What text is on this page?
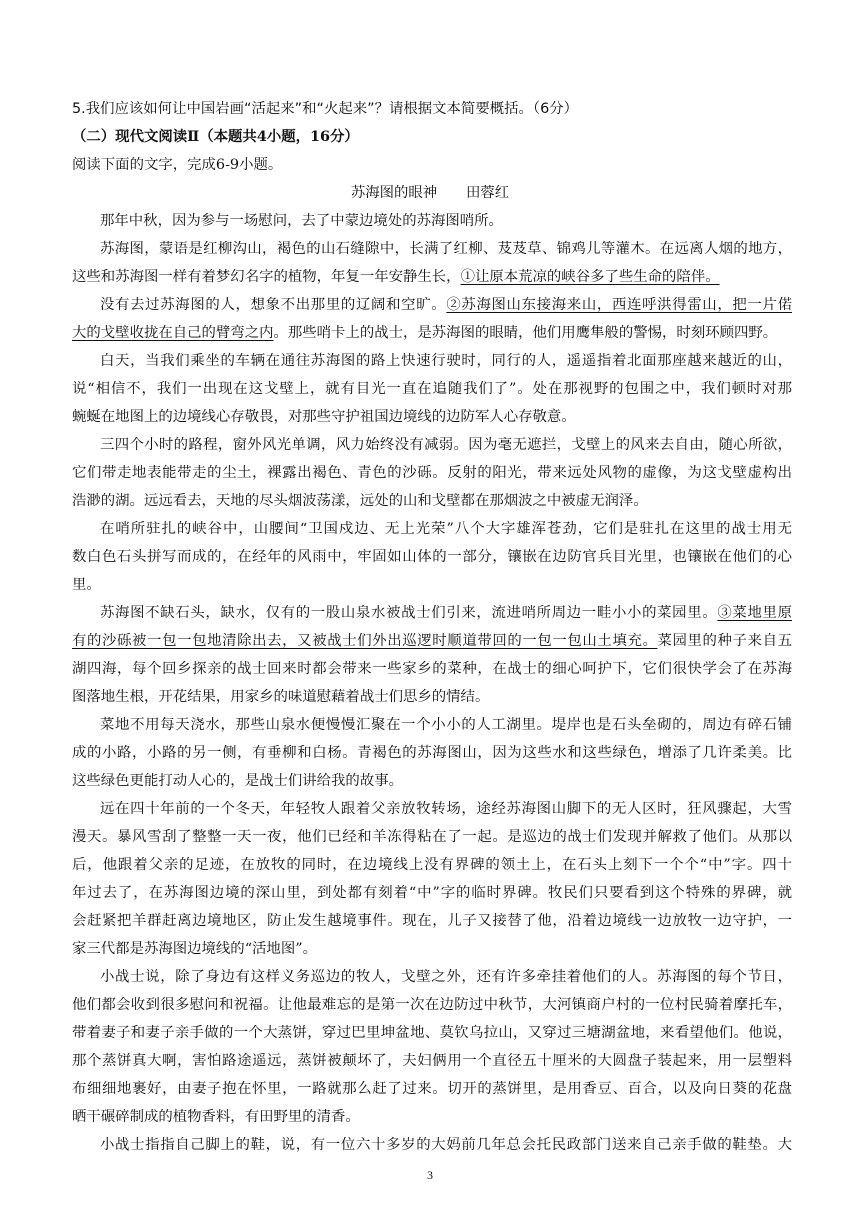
5.我们应该如何让中国岩画“活起来”和“火起来”？请根据文本简要概括。（6分）
（二）现代文阅读Ⅱ（本题共4小题，16分）
阅读下面的文字，完成6-9小题。
苏海图的眼神　　田蓉红
那年中秋，因为参与一场慰问，去了中蒙边境处的苏海图哨所。
苏海图，蒙语是红柳沟山，褐色的山石缝隙中，长满了红柳、芨芨草、锦鸡儿等灌木。在远离人烟的地方，
这些和苏海图一样有着梦幻名字的植物，年复一年安静生长，①让原本荒凉的峡谷多了些生命的陪伴。
没有去过苏海图的人，想象不出那里的辽阔和空旷。②苏海图山东接海来山，西连呼洪得雷山，把一片偌
大的戈壁收拢在自己的臂弯之内。那些哨卡上的战士，是苏海图的眼睛，他们用鹰隼般的警惕，时刻环顾四野。
白天，当我们乘坐的车辆在通往苏海图的路上快速行驶时，同行的人，遥遥指着北面那座越来越近的山，
说“相信不，我们一出现在这戈壁上，就有目光一直在追随我们了”。处在那视野的包围之中，我们顿时对那
蜿蜒在地图上的边境线心存敬畏，对那些守护祖国边境线的边防军人心存敬意。
三四个小时的路程，窗外风光单调，风力始终没有减弱。因为毫无遮拦，戈壁上的风来去自由，随心所欲，
它们带走地表能带走的尘土，裸露出褐色、青色的沙砾。反射的阳光，带来远处风物的虚像，为这戈壁虚构出
浩渺的湖。远远看去，天地的尽头烟波荡漾，远处的山和戈壁都在那烟波之中被虚无润泽。
在哨所驻扎的峡谷中，山腰间“卫国戍边、无上光荣”八个大字雄浑苍劲，它们是驻扎在这里的战士用无
数白色石头拼写而成的，在经年的风雨中，牢固如山体的一部分，镶嵌在边防官兵目光里，也镶嵌在他们的心
里。
苏海图不缺石头，缺水，仅有的一股山泉水被战士们引来，流进哨所周边一畦小小的菜园里。③菜地里原
有的沙砾被一包一包地清除出去，又被战士们外出巡逻时顺道带回的一包一包山土填充。菜园里的种子来自五
湖四海，每个回乡探亲的战士回来时都会带来一些家乡的菜种，在战士的细心呵护下，它们很快学会了在苏海
图落地生根，开花结果，用家乡的味道慰藉着战士们思乡的情结。
菜地不用每天浇水，那些山泉水便慢慢汇聚在一个小小的人工湖里。堤岸也是石头垒砌的，周边有碎石铺
成的小路，小路的另一侧，有垂柳和白杨。青褐色的苏海图山，因为这些水和这些绿色，增添了几许柔美。比
这些绿色更能打动人心的，是战士们讲给我的故事。
远在四十年前的一个冬天，年轻牧人跟着父亲放牧转场，途经苏海图山脚下的无人区时，狂风骤起，大雪
漫天。暴风雪刮了整整一天一夜，他们已经和羊冻得粘在了一起。是巡边的战士们发现并解救了他们。从那以
后，他跟着父亲的足迹，在放牧的同时，在边境线上没有界碑的领土上，在石头上刻下一个个“中”字。四十
年过去了，在苏海图边境的深山里，到处都有刻着“中”字的临时界碑。牧民们只要看到这个特殊的界碑，就
会赶紧把羊群赶离边境地区，防止发生越境事件。现在，儿子又接替了他，沿着边境线一边放牧一边守护，一
家三代都是苏海图边境线的“活地图”。
小战士说，除了身边有这样义务巡边的牧人，戈壁之外，还有许多牵挂着他们的人。苏海图的每个节日，
他们都会收到很多慰问和祝福。让他最难忘的是第一次在边防过中秋节，大河镇商户村的一位村民骑着摩托车，
带着妻子和妻子亲手做的一个大蒸饼，穿过巴里坤盆地、莫钦乌拉山，又穿过三塘湖盆地，来看望他们。他说，
那个蒸饼真大啊，害怕路途遥远，蒸饼被颠坏了，夫妇俩用一个直径五十厘米的大圆盘子装起来，用一层塑料
布细细地裹好，由妻子抱在怀里，一路就那么赶了过来。切开的蒸饼里，是用香豆、百合，以及向日葵的花盘
晒干碾碎制成的植物香料，有田野里的清香。
小战士指指自己脚上的鞋，说，有一位六十多岁的大妈前几年总会托民政部门送来自己亲手做的鞋垫。大
3
